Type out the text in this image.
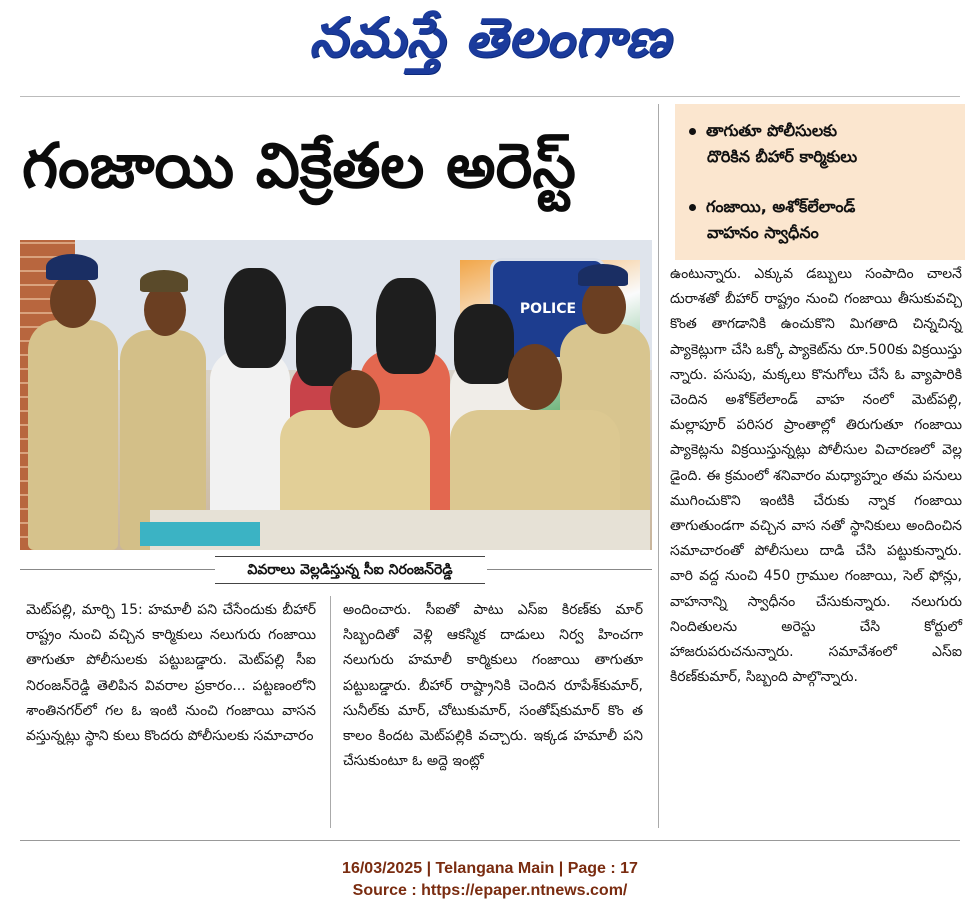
నమస్తే తెలంగాణ
గంజాయి విక్రేతల అరెస్ట్	తాగుతూ పోలీసులకు
దొరికిన బీహార్ కార్మికులు
గంజాయి, అశోక్‌లేలాండ్
వాహనం స్వాధీనం
POLICE
వివరాలు వెల్లడిస్తున్న సీఐ నిరంజన్‌రెడ్డి

మెట్‌పల్లి, మార్చి 15: హమాలీ పని చేసేందుకు బీహార్ రాష్ట్రం నుంచి వచ్చిన కార్మికులు నలుగురు గంజాయి తాగుతూ పోలీసులకు పట్టుబడ్డారు. మెట్‌పల్లి సీఐ నిరంజన్‌రెడ్డి తెలిపిన వివరాల ప్రకారం... పట్టణంలోని శాంతినగర్‌లో గల ఓ ఇంటి నుంచి గంజాయి వాసన వస్తున్నట్లు స్థాని కులు కొందరు పోలీసులకు సమాచారం

అందించారు. సీఐతో పాటు ఎస్ఐ కిరణ్‌కు మార్ సిబ్బందితో వెళ్లి ఆకస్మిక దాడులు నిర్వ హించగా నలుగురు హమాలీ కార్మికులు గంజాయి తాగుతూ పట్టుబడ్డారు. బీహార్ రాష్ట్రానికి చెందిన రూపేశ్‌కుమార్, సునీల్‌కు మార్, చోటుకుమార్, సంతోష్‌కుమార్ కొం త కాలం కిందట మెట్‌పల్లికి వచ్చారు. ఇక్కడ హమాలీ పని చేసుకుంటూ ఓ అద్దె ఇంట్లో

ఉంటున్నారు. ఎక్కువ డబ్బులు సంపాదిం చాలనే దురాశతో బీహార్ రాష్ట్రం నుంచి గంజాయి తీసుకువచ్చి కొంత తాగడానికి ఉంచుకొని మిగతాది చిన్నచిన్న ప్యాకెట్లుగా చేసి ఒక్కో ప్యాకెట్‌ను రూ.500కు విక్రయిస్తు న్నారు. పసుపు, మక్కలు కొనుగోలు చేసే ఓ వ్యాపారికి చెందిన అశోక్‌లేలాండ్ వాహ నంలో మెట్‌పల్లి, మల్లాపూర్ పరిసర ప్రాంతాల్లో తిరుగుతూ గంజాయి ప్యాకెట్లను విక్రయిస్తున్నట్లు పోలీసుల విచారణలో వెల్ల డైంది. ఈ క్రమంలో శనివారం మధ్యాహ్నం తమ పనులు ముగించుకొని ఇంటికి చేరుకు న్నాక గంజాయి తాగుతుండగా వచ్చిన వాస నతో స్థానికులు అందించిన సమాచారంతో పోలీసులు దాడి చేసి పట్టుకున్నారు. వారి వద్ద నుంచి 450 గ్రాముల గంజాయి, సెల్ ఫోన్లు, వాహనాన్ని స్వాధీనం చేసుకున్నారు. నలుగురు నిందితులను అరెస్టు చేసి కోర్టులో హాజరుపరుచనున్నారు. సమావేశంలో ఎస్ఐ కిరణ్‌కుమార్, సిబ్బంది పాల్గొన్నారు.

16/03/2025 | Telangana Main | Page : 17
Source : https://epaper.ntnews.com/
